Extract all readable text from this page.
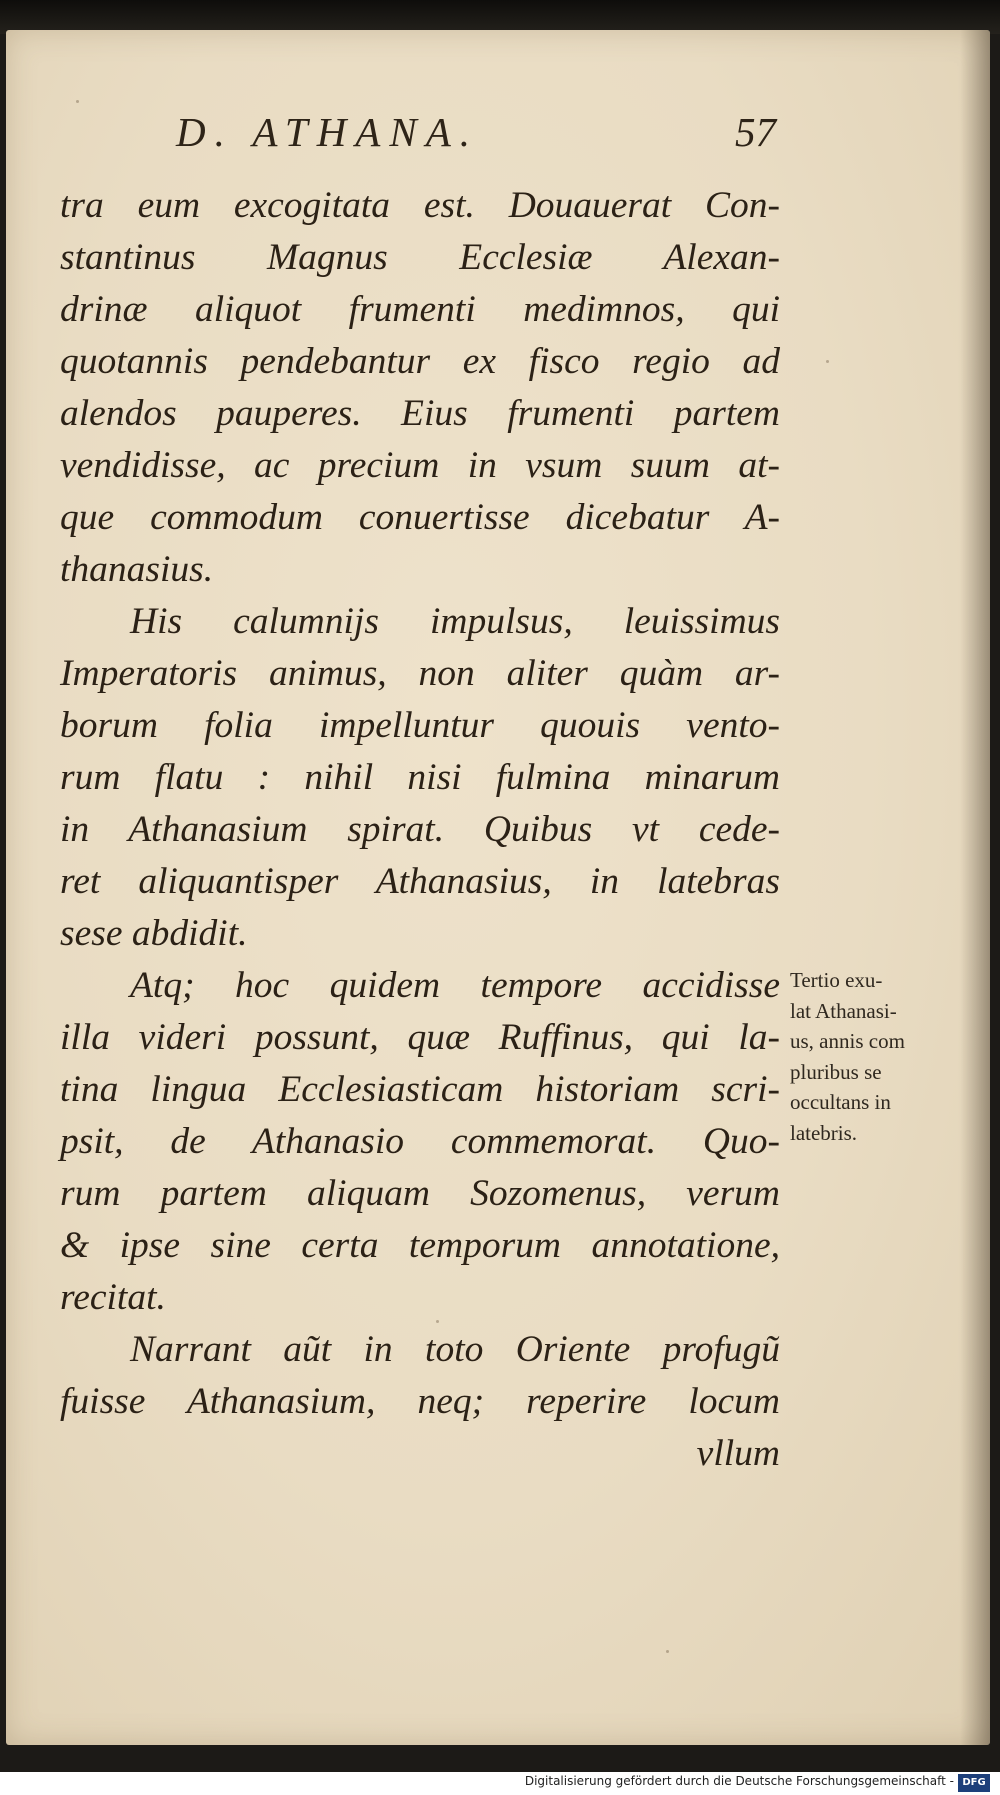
D. ATHANA.	57
tra eum excogitata est. Douauerat Con-
stantinus Magnus Ecclesiæ Alexan-
drinæ aliquot frumenti medimnos, qui
quotannis pendebantur ex fisco regio ad
alendos pauperes. Eius frumenti partem
vendidisse, ac precium in vsum suum at-
que commodum conuertisse dicebatur A-
thanasius.
His calumnijs impulsus, leuissimus
Imperatoris animus, non aliter quàm ar-
borum folia impelluntur quouis vento-
rum flatu : nihil nisi fulmina minarum
in Athanasium spirat. Quibus vt cede-
ret aliquantisper Athanasius, in latebras
sese abdidit.
Atq; hoc quidem tempore accidisse
illa videri possunt, quæ Ruffinus, qui la-
tina lingua Ecclesiasticam historiam scri-
psit, de Athanasio commemorat. Quo-
rum partem aliquam Sozomenus, verum
& ipse sine certa temporum annotatione,
recitat.
Narrant aũt in toto Oriente profugũ
fuisse Athanasium, neq; reperire locum
vllum
Tertio exu-
lat Athanasi-
us, annis com
pluribus se
occultans in
latebris.
Digitalisierung gefördert durch die Deutsche Forschungsgemeinschaft - DFG
